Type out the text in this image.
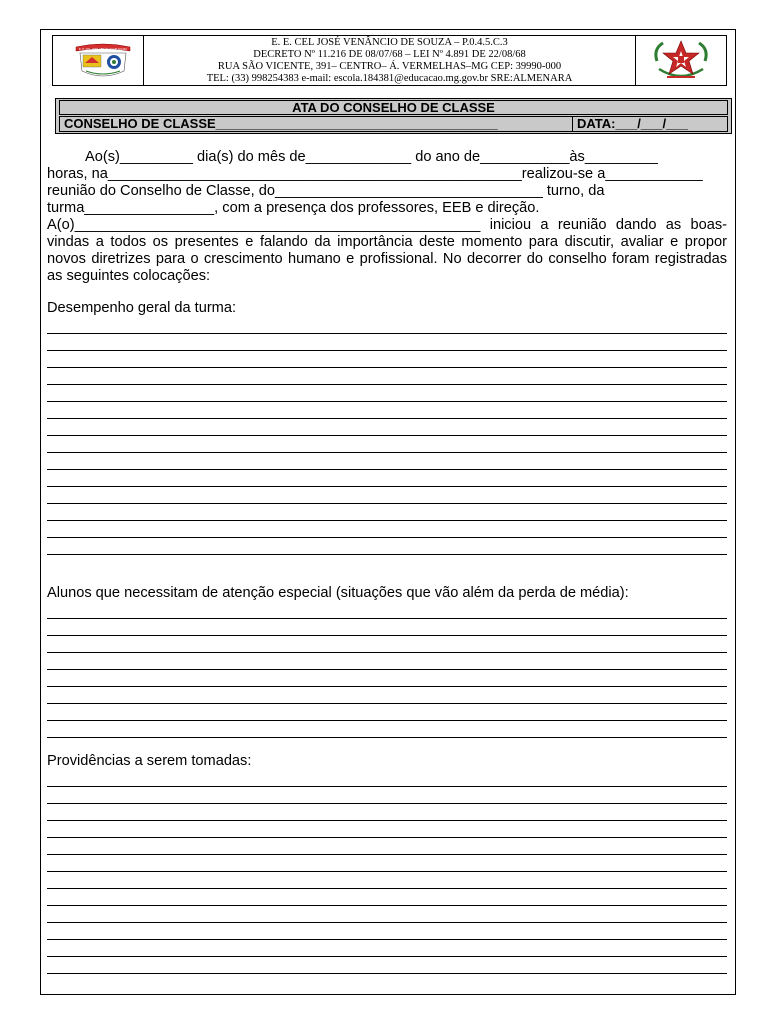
E. E. CEL. JOSÉ VENÂNCIO DE SOUZA
E. E. CEL JOSÉ VENÂNCIO DE SOUZA – P.0.4.5.C.3
DECRETO Nº 11.216 DE 08/07/68 – LEI Nº 4.891 DE 22/08/68
RUA SÃO VICENTE, 391– CENTRO– Á. VERMELHAS–MG CEP: 39990-000
TEL: (33) 998254383 e-mail: escola.184381@educacao.mg.gov.br SRE:ALMENARA
ATA DO CONSELHO DE CLASSE
CONSELHO DE CLASSE_______________________________________	DATA:___/___/___

Ao(s)_________ dia(s) do mês de_____________ do ano de___________às_________

horas, na___________________________________________________realizou-se a____________

reunião do Conselho de Classe, do_________________________________ turno, da

turma________________, com a presença dos professores, EEB e direção.

A(o)__________________________________________________ iniciou a reunião dando as boas-vindas a todos os presentes e falando da importância deste momento para discutir, avaliar e propor novos diretrizes para o crescimento humano e profissional. No decorrer do conselho foram registradas as seguintes colocações:

Desempenho geral da turma:
Alunos que necessitam de atenção especial (situações que vão além da perda de média):
Providências a serem tomadas:
